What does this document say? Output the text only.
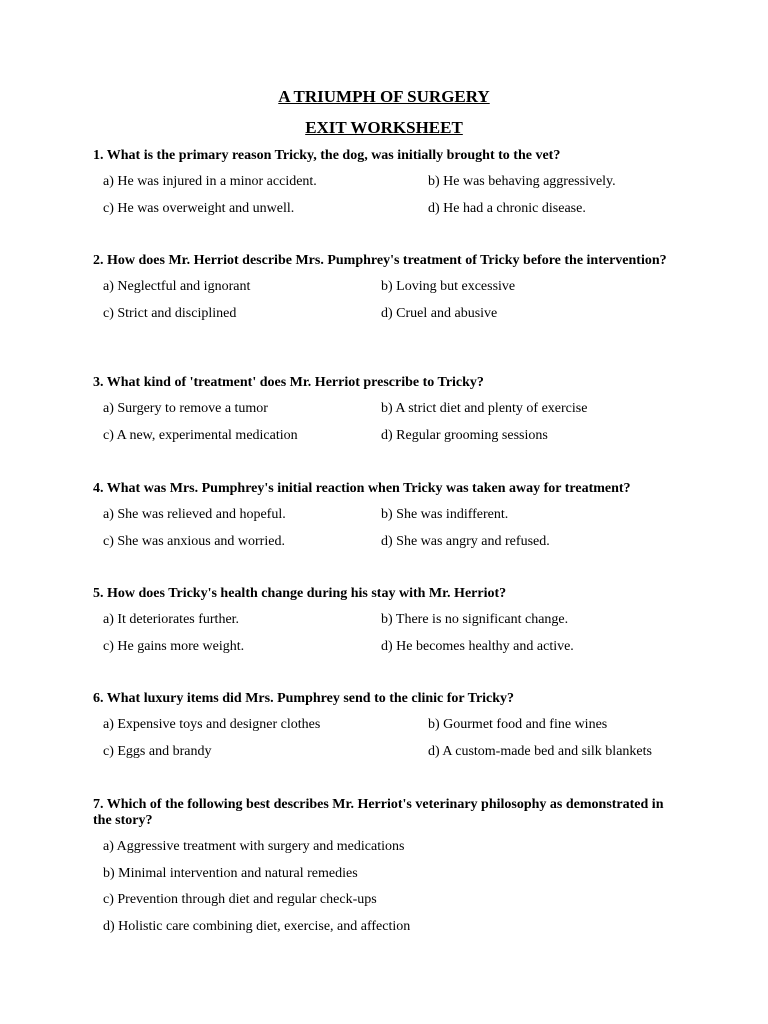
A TRIUMPH OF SURGERY
EXIT WORKSHEET

1. What is the primary reason Tricky, the dog, was initially brought to the vet?

a) He was injured in a minor accident.	b) He was behaving aggressively.
c) He was overweight and unwell.	d) He had a chronic disease.

2. How does Mr. Herriot describe Mrs. Pumphrey's treatment of Tricky before the intervention?

a) Neglectful and ignorant	b) Loving but excessive
c) Strict and disciplined	d) Cruel and abusive

3. What kind of 'treatment' does Mr. Herriot prescribe to Tricky?

a) Surgery to remove a tumor	b) A strict diet and plenty of exercise
c) A new, experimental medication	d) Regular grooming sessions

4. What was Mrs. Pumphrey's initial reaction when Tricky was taken away for treatment?

a) She was relieved and hopeful.	b) She was indifferent.
c) She was anxious and worried.	d) She was angry and refused.

5. How does Tricky's health change during his stay with Mr. Herriot?

a) It deteriorates further.	b) There is no significant change.
c) He gains more weight.	d) He becomes healthy and active.

6. What luxury items did Mrs. Pumphrey send to the clinic for Tricky?

a) Expensive toys and designer clothes	b) Gourmet food and fine wines
c) Eggs and brandy	d) A custom-made bed and silk blankets

7. Which of the following best describes Mr. Herriot's veterinary philosophy as demonstrated in the story?

a) Aggressive treatment with surgery and medications
b) Minimal intervention and natural remedies
c) Prevention through diet and regular check-ups
d) Holistic care combining diet, exercise, and affection
